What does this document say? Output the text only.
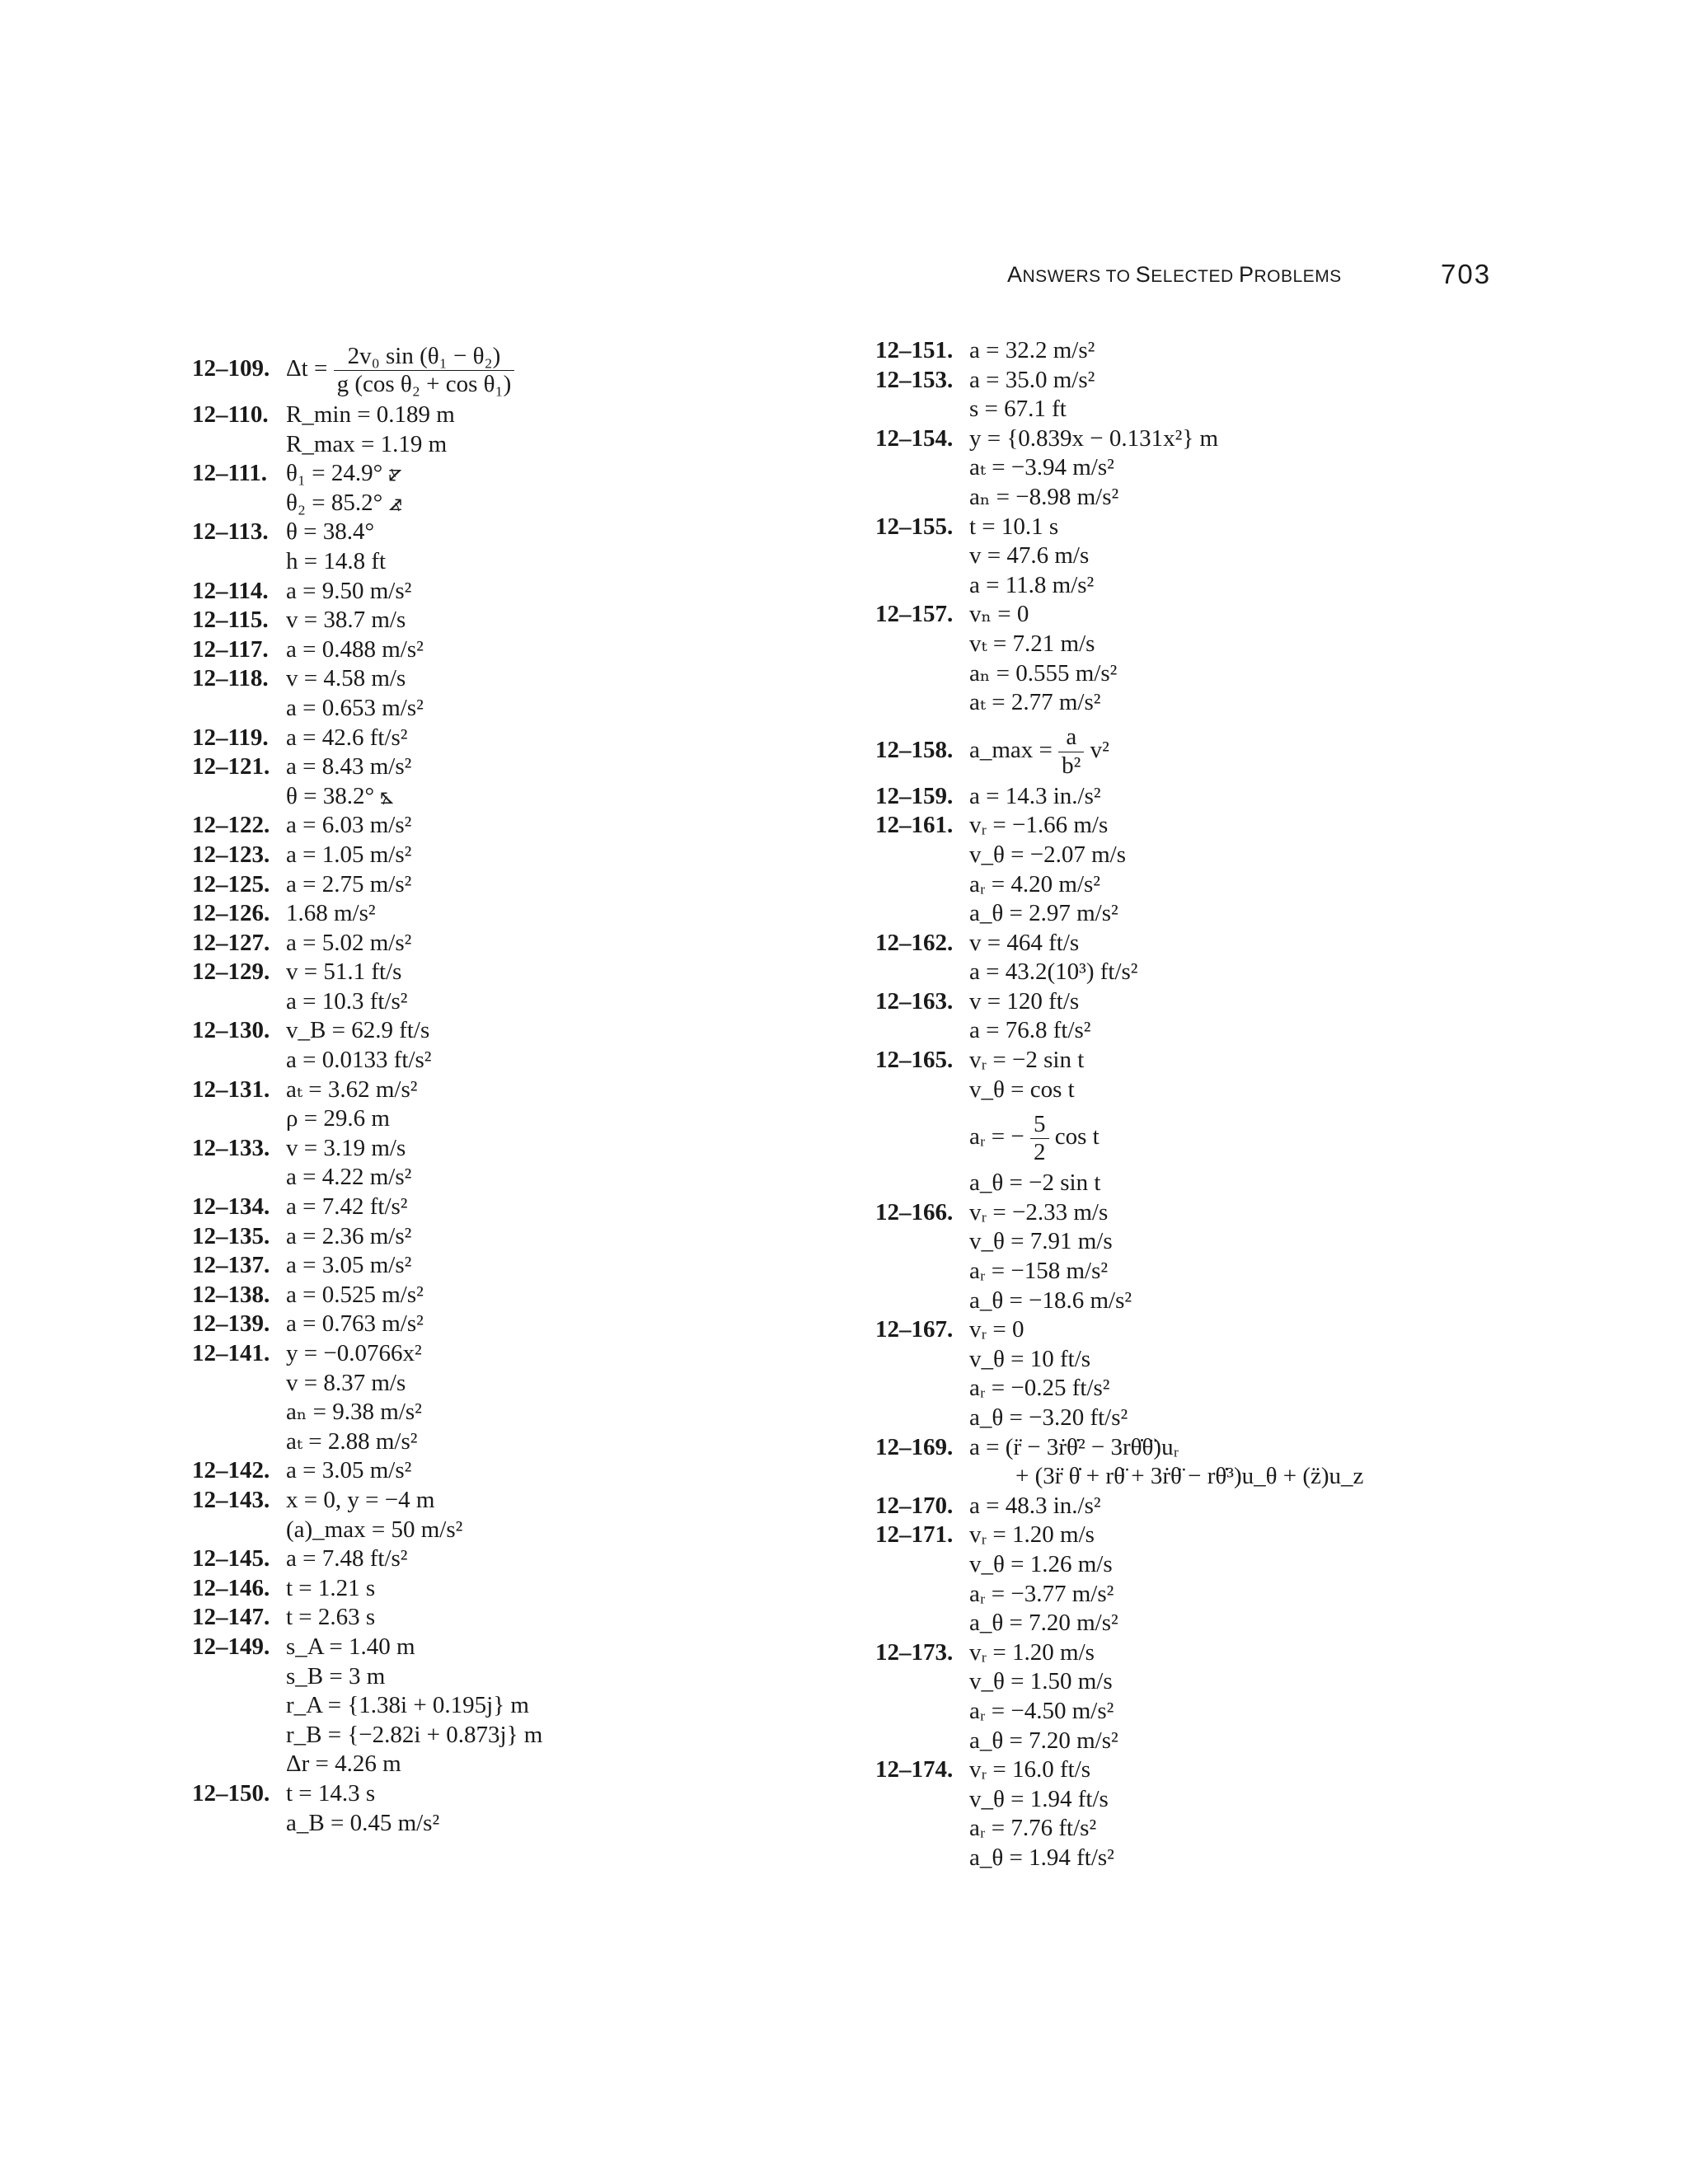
ANSWERS TO SELECTED PROBLEMS	703
12–109. $\Delta t = \frac{\text{2v₀ sin (θ₁ − θ₂)}}{\text{g (cos θ₂ + cos θ₁)}}$
12–110. R_min = 0.189 m
R_max = 1.19 m
12–111. θ₁ = 24.9° ⦫
θ₂ = 85.2° ⦨
12–113. θ = 38.4°
h = 14.8 ft
12–114. a = 9.50 m/s²
12–115. v = 38.7 m/s
12–117. a = 0.488 m/s²
12–118. v = 4.58 m/s
a = 0.653 m/s²
12–119. a = 42.6 ft/s²
12–121. a = 8.43 m/s²
θ = 38.2° ⦩
12–122. a = 6.03 m/s²
12–123. a = 1.05 m/s²
12–125. a = 2.75 m/s²
12–126. 1.68 m/s²
12–127. a = 5.02 m/s²
12–129. v = 51.1 ft/s
a = 10.3 ft/s²
12–130. v_B = 62.9 ft/s
a = 0.0133 ft/s²
12–131. aₜ = 3.62 m/s²
ρ = 29.6 m
12–133. v = 3.19 m/s
a = 4.22 m/s²
12–134. a = 7.42 ft/s²
12–135. a = 2.36 m/s²
12–137. a = 3.05 m/s²
12–138. a = 0.525 m/s²
12–139. a = 0.763 m/s²
12–141. y = −0.0766x²
v = 8.37 m/s
aₙ = 9.38 m/s²
aₜ = 2.88 m/s²
12–142. a = 3.05 m/s²
12–143. x = 0, y = −4 m
(a)_max = 50 m/s²
12–145. a = 7.48 ft/s²
12–146. t = 1.21 s
12–147. t = 2.63 s
12–149. s_A = 1.40 m
s_B = 3 m
r_A = {1.38i + 0.195j} m
r_B = {−2.82i + 0.873j} m
Δr = 4.26 m
12–150. t = 14.3 s
a_B = 0.45 m/s²
12–151. a = 32.2 m/s²
12–153. a = 35.0 m/s²
s = 67.1 ft
12–154. y = {0.839x − 0.131x²} m
aₜ = −3.94 m/s²
aₙ = −8.98 m/s²
12–155. t = 10.1 s
v = 47.6 m/s
a = 11.8 m/s²
12–157. vₙ = 0
vₜ = 7.21 m/s
aₙ = 0.555 m/s²
aₜ = 2.77 m/s²
12–158. a_max = $\frac{a}{\text{b²}} v^2$
12–159. a = 14.3 in./s²
12–161. vᵣ = −1.66 m/s
v_θ = −2.07 m/s
aᵣ = 4.20 m/s²
a_θ = 2.97 m/s²
12–162. v = 464 ft/s
a = 43.2(10³) ft/s²
12–163. v = 120 ft/s
a = 76.8 ft/s²
12–165. vᵣ = −2 sin t
v_θ = cos t
aᵣ = − $\frac{5}{2}$ cos t
a_θ = −2 sin t
12–166. vᵣ = −2.33 m/s
v_θ = 7.91 m/s
aᵣ = −158 m/s²
a_θ = −18.6 m/s²
12–167. vᵣ = 0
v_θ = 10 ft/s
aᵣ = −0.25 ft/s²
a_θ = −3.20 ft/s²
12–169. a = (r̈ − 3ṙθ̇² − 3rθ̇θ̈)uᵣ
+ (3r̈ θ̇ + rθ̈ + 3ṙθ̈ − rθ̇³)u_θ + (z̈)u_z
12–170. a = 48.3 in./s²
12–171. vᵣ = 1.20 m/s
v_θ = 1.26 m/s
aᵣ = −3.77 m/s²
a_θ = 7.20 m/s²
12–173. vᵣ = 1.20 m/s
v_θ = 1.50 m/s
aᵣ = −4.50 m/s²
a_θ = 7.20 m/s²
12–174. vᵣ = 16.0 ft/s
v_θ = 1.94 ft/s
aᵣ = 7.76 ft/s²
a_θ = 1.94 ft/s²
